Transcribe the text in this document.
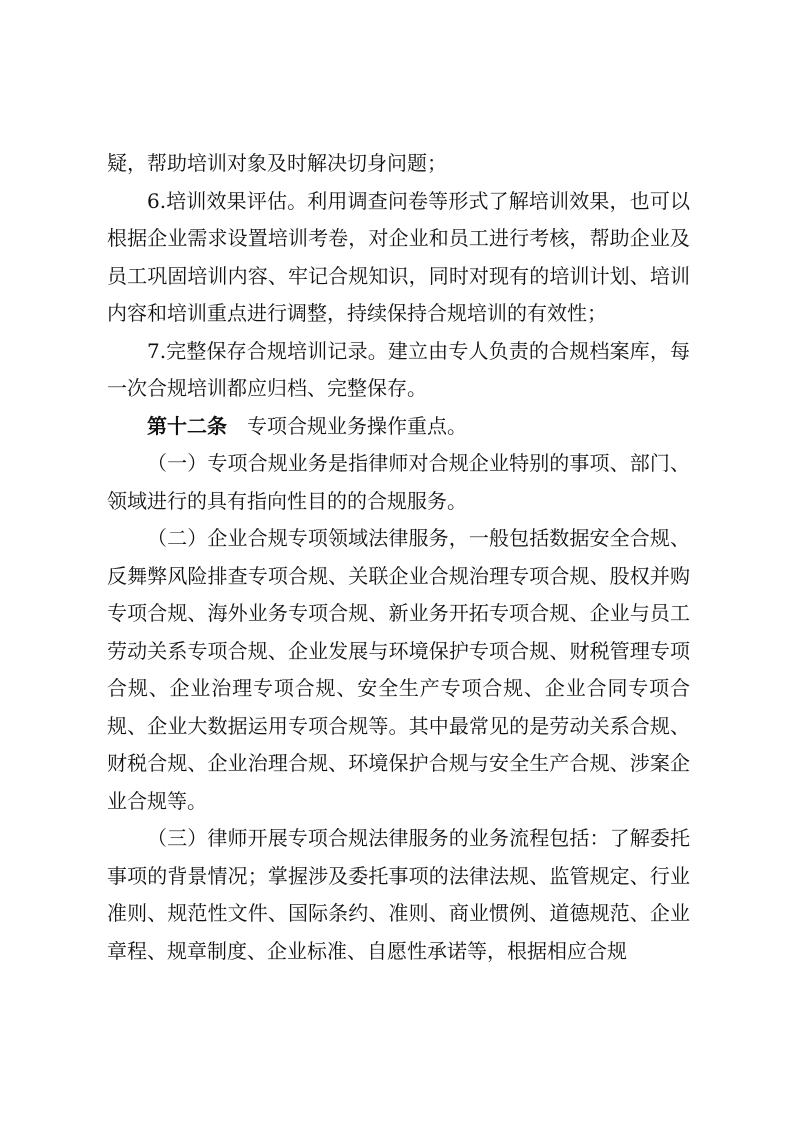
疑，帮助培训对象及时解决切身问题；

6.培训效果评估。利用调查问卷等形式了解培训效果，也可以根据企业需求设置培训考卷，对企业和员工进行考核，帮助企业及员工巩固培训内容、牢记合规知识，同时对现有的培训计划、培训内容和培训重点进行调整，持续保持合规培训的有效性；

7.完整保存合规培训记录。建立由专人负责的合规档案库，每一次合规培训都应归档、完整保存。

第十二条 专项合规业务操作重点。

（一）专项合规业务是指律师对合规企业特别的事项、部门、领域进行的具有指向性目的的合规服务。

（二）企业合规专项领域法律服务，一般包括数据安全合规、反舞弊风险排查专项合规、关联企业合规治理专项合规、股权并购专项合规、海外业务专项合规、新业务开拓专项合规、企业与员工劳动关系专项合规、企业发展与环境保护专项合规、财税管理专项合规、企业治理专项合规、安全生产专项合规、企业合同专项合规、企业大数据运用专项合规等。其中最常见的是劳动关系合规、财税合规、企业治理合规、环境保护合规与安全生产合规、涉案企业合规等。

（三）律师开展专项合规法律服务的业务流程包括：了解委托事项的背景情况；掌握涉及委托事项的法律法规、监管规定、行业准则、规范性文件、国际条约、准则、商业惯例、道德规范、企业章程、规章制度、企业标准、自愿性承诺等，根据相应合规
